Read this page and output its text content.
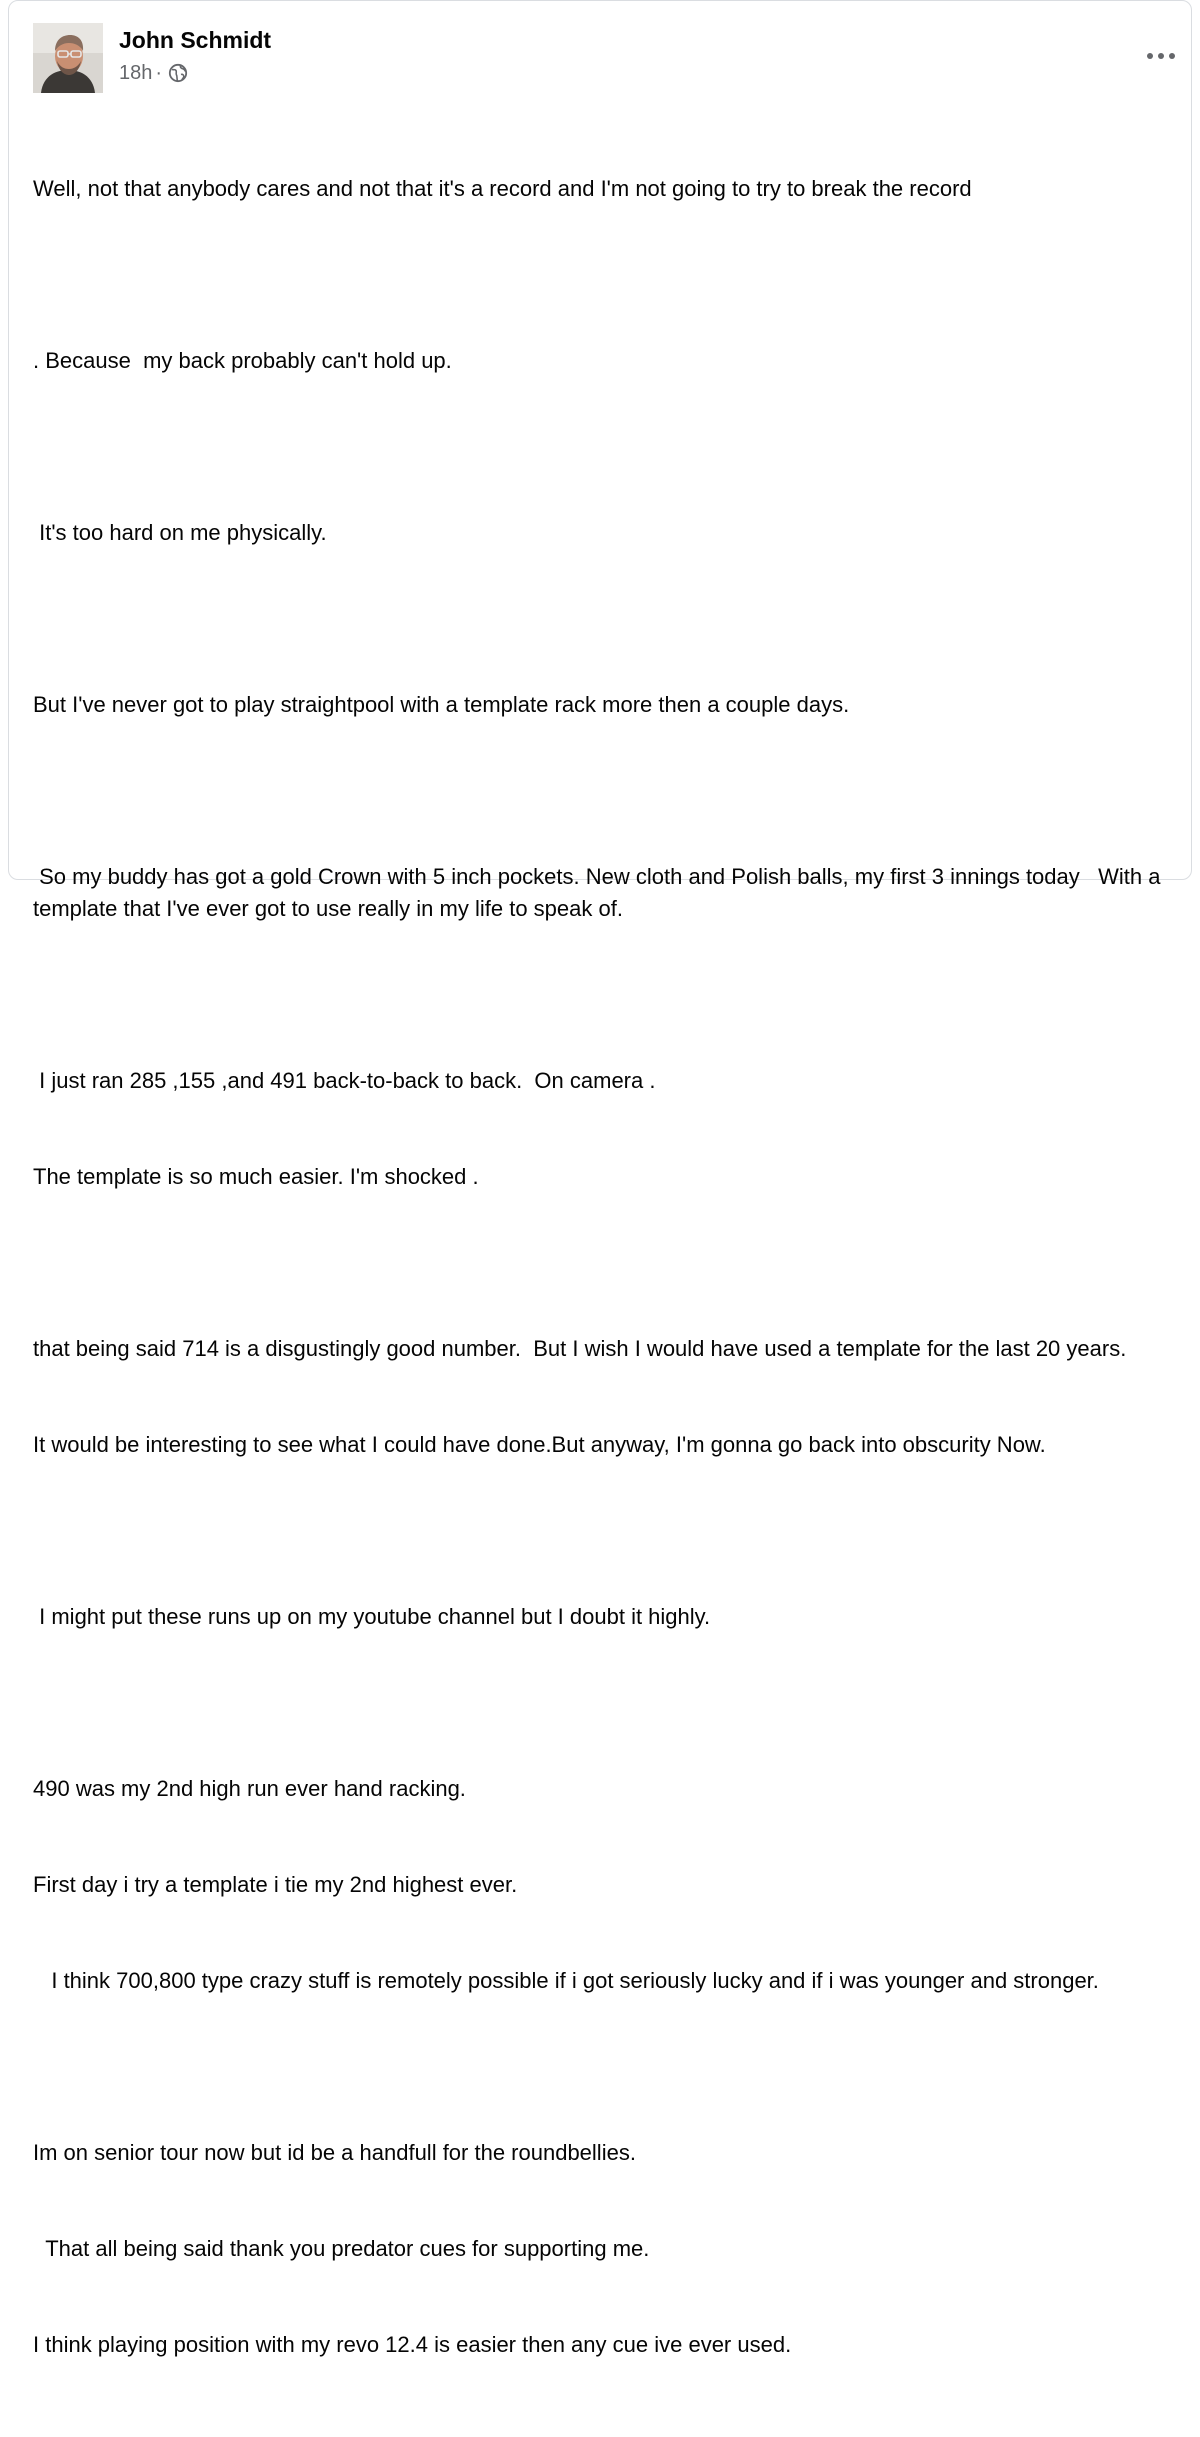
John Schmidt
18h ·

Well, not that anybody cares and not that it's a record and I'm not going to try to break the record

. Because  my back probably can't hold up.

It's too hard on me physically.

But I've never got to play straightpool with a template rack more then a couple days.

So my buddy has got a gold Crown with 5 inch pockets. New cloth and Polish balls, my first 3 innings today   With a template that I've ever got to use really in my life to speak of.

I just ran 285 ,155 ,and 491 back-to-back to back.  On camera .

The template is so much easier. I'm shocked .

that being said 714 is a disgustingly good number.  But I wish I would have used a template for the last 20 years.

It would be interesting to see what I could have done.But anyway, I'm gonna go back into obscurity Now.

I might put these runs up on my youtube channel but I doubt it highly.

490 was my 2nd high run ever hand racking.

First day i try a template i tie my 2nd highest ever.

I think 700,800 type crazy stuff is remotely possible if i got seriously lucky and if i was younger and stronger.

Im on senior tour now but id be a handfull for the roundbellies.

That all being said thank you predator cues for supporting me.

I think playing position with my revo 12.4 is easier then any cue ive ever used.
